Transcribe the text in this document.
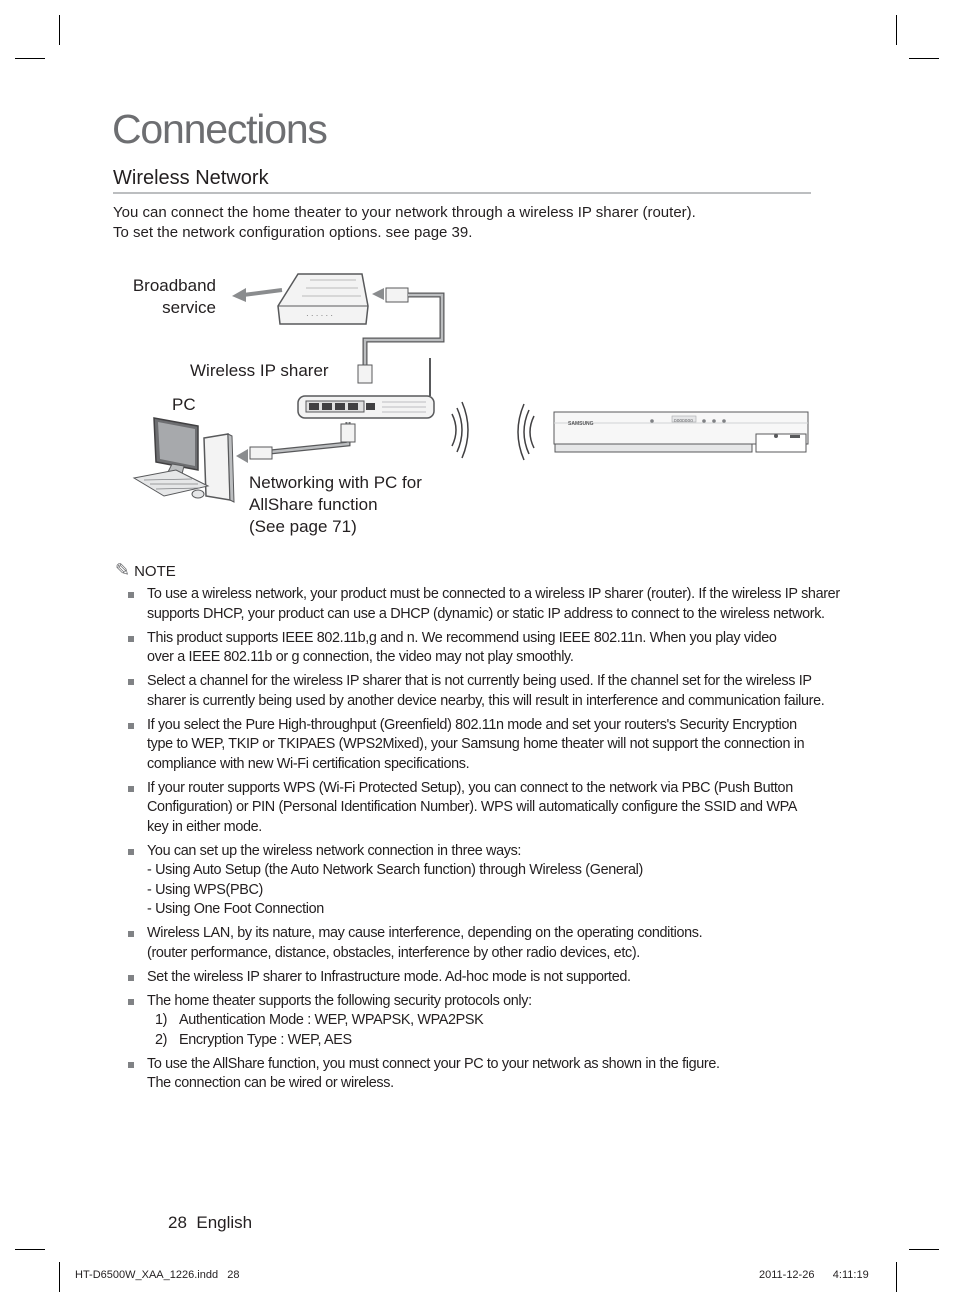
Connections
Wireless Network
You can connect the home theater to your network through a wireless IP sharer (router).
To set the network configuration options. see page 39.
· · · · · ·
SAMSUNG	DOODOOO
Broadband
service
Wireless IP sharer
PC
Networking with PC for
AllShare function
(See page 71)
✎ NOTE
To use a wireless network, your product must be connected to a wireless IP sharer (router). If the wireless IP sharer
supports DHCP, your product can use a DHCP (dynamic) or static IP address to connect to the wireless network.
This product supports IEEE 802.11b,g and n. We recommend using IEEE 802.11n. When you play video
over a IEEE 802.11b or g connection, the video may not play smoothly.
Select a channel for the wireless IP sharer that is not currently being used. If the channel set for the wireless IP
sharer is currently being used by another device nearby, this will result in interference and communication failure.
If you select the Pure High-throughput (Greenfield) 802.11n mode and set your routers's Security Encryption
type to WEP, TKIP or TKIPAES (WPS2Mixed), your Samsung home theater will not support the connection in
compliance with new Wi-Fi certification specifications.
If your router supports WPS (Wi-Fi Protected Setup), you can connect to the network via PBC (Push Button
Configuration) or PIN (Personal Identification Number). WPS will automatically configure the SSID and WPA
key in either mode.
You can set up the wireless network connection in three ways:
- Using Auto Setup (the Auto Network Search function) through Wireless (General)
- Using WPS(PBC)
- Using One Foot Connection
Wireless LAN, by its nature, may cause interference, depending on the operating conditions.
(router performance, distance, obstacles, interference by other radio devices, etc).
Set the wireless IP sharer to Infrastructure mode. Ad-hoc mode is not supported.
The home theater supports the following security protocols only:
1) Authentication Mode : WEP, WPAPSK, WPA2PSK
2) Encryption Type : WEP, AES
To use the AllShare function, you must connect your PC to your network as shown in the figure.
The connection can be wired or wireless.
28 English
HT-D6500W_XAA_1226.indd 28	2011-12-26 4:11:19
